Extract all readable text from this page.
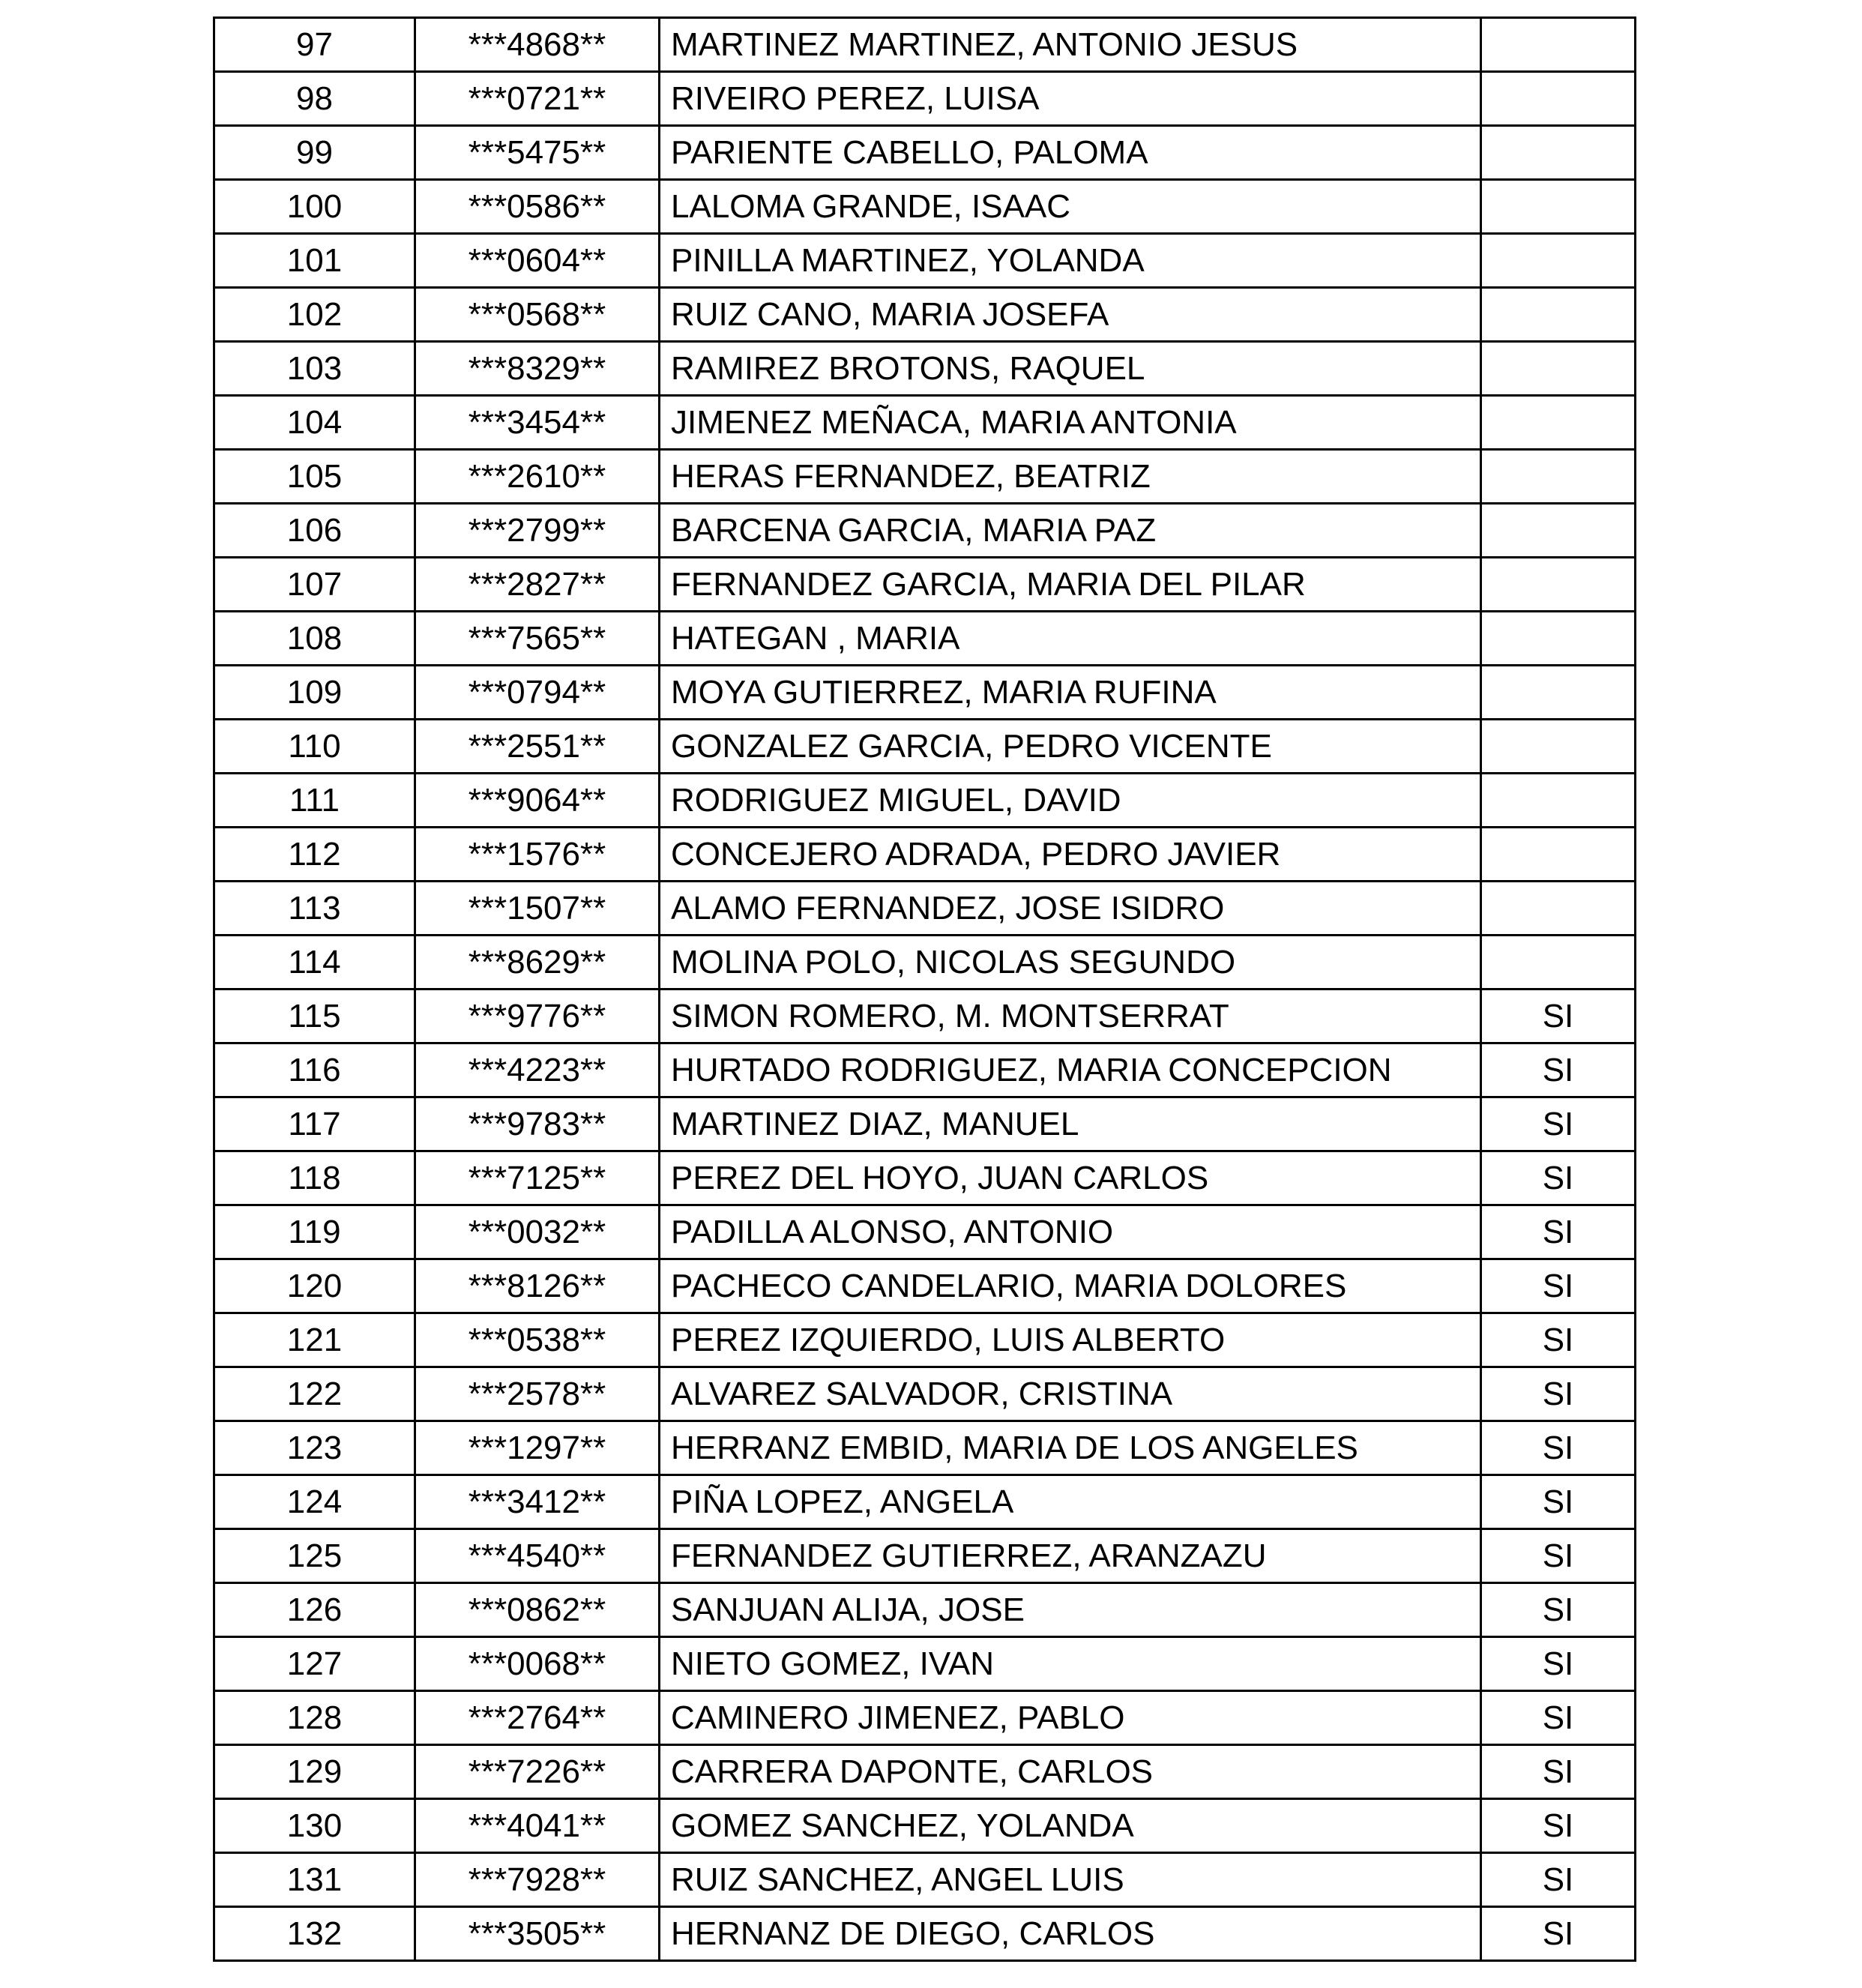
97	***4868**	MARTINEZ MARTINEZ, ANTONIO JESUS	
98	***0721**	RIVEIRO PEREZ, LUISA	
99	***5475**	PARIENTE CABELLO, PALOMA	
100	***0586**	LALOMA GRANDE, ISAAC	
101	***0604**	PINILLA MARTINEZ, YOLANDA	
102	***0568**	RUIZ CANO, MARIA JOSEFA	
103	***8329**	RAMIREZ BROTONS, RAQUEL	
104	***3454**	JIMENEZ MEÑACA, MARIA ANTONIA	
105	***2610**	HERAS FERNANDEZ, BEATRIZ	
106	***2799**	BARCENA GARCIA, MARIA PAZ	
107	***2827**	FERNANDEZ GARCIA, MARIA DEL PILAR	
108	***7565**	HATEGAN , MARIA	
109	***0794**	MOYA GUTIERREZ, MARIA RUFINA	
110	***2551**	GONZALEZ GARCIA, PEDRO VICENTE	
111	***9064**	RODRIGUEZ MIGUEL, DAVID	
112	***1576**	CONCEJERO ADRADA, PEDRO JAVIER	
113	***1507**	ALAMO FERNANDEZ, JOSE ISIDRO	
114	***8629**	MOLINA POLO, NICOLAS SEGUNDO	
115	***9776**	SIMON ROMERO, M. MONTSERRAT	SI
116	***4223**	HURTADO RODRIGUEZ, MARIA CONCEPCION	SI
117	***9783**	MARTINEZ DIAZ, MANUEL	SI
118	***7125**	PEREZ DEL HOYO, JUAN CARLOS	SI
119	***0032**	PADILLA ALONSO, ANTONIO	SI
120	***8126**	PACHECO CANDELARIO, MARIA DOLORES	SI
121	***0538**	PEREZ IZQUIERDO, LUIS ALBERTO	SI
122	***2578**	ALVAREZ SALVADOR, CRISTINA	SI
123	***1297**	HERRANZ EMBID, MARIA DE LOS ANGELES	SI
124	***3412**	PIÑA LOPEZ, ANGELA	SI
125	***4540**	FERNANDEZ GUTIERREZ, ARANZAZU	SI
126	***0862**	SANJUAN ALIJA, JOSE	SI
127	***0068**	NIETO GOMEZ, IVAN	SI
128	***2764**	CAMINERO JIMENEZ, PABLO	SI
129	***7226**	CARRERA DAPONTE, CARLOS	SI
130	***4041**	GOMEZ SANCHEZ, YOLANDA	SI
131	***7928**	RUIZ SANCHEZ, ANGEL LUIS	SI
132	***3505**	HERNANZ DE DIEGO, CARLOS	SI
